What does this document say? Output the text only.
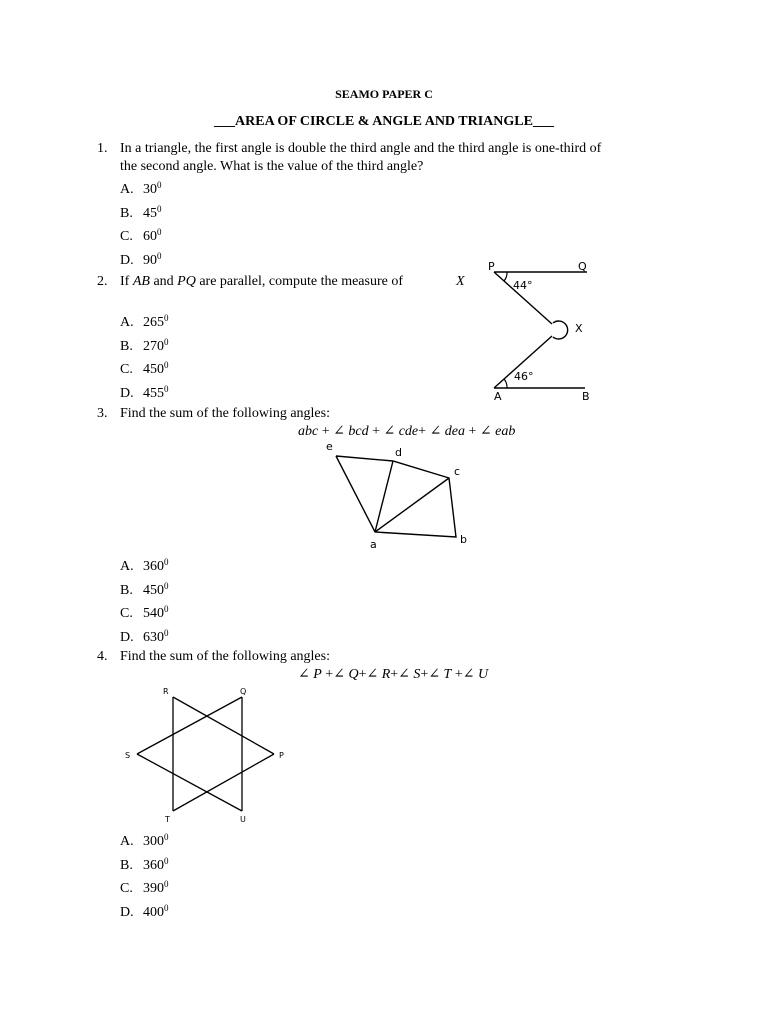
SEAMO PAPER C
___AREA OF CIRCLE & ANGLE AND TRIANGLE___
1. In a triangle, the first angle is double the third angle and the third angle is one-third of
the second angle. What is the value of the third angle?
A. $30^0$
B. $45^0$
C. $60^0$
D. $90^0$
2. If AB and PQ are parallel, compute the measure of	X
A. $265^0$
B. $270^0$
C. $450^0$
D. $455^0$
P	Q
44°
X
46°
A	B
3. Find the sum of the following angles:
abc + ∠ bcd + ∠ cde+ ∠ dea + ∠ eab
e	d
c
b
a
A. $360^0$
B. $450^0$
C. $540^0$
D. $630^0$
4. Find the sum of the following angles:
∠ P +∠ Q+∠ R+∠ S+∠ T +∠ U
R	Q
S	P
T	U
A. $300^0$
B. $360^0$
C. $390^0$
D. $400^0$
